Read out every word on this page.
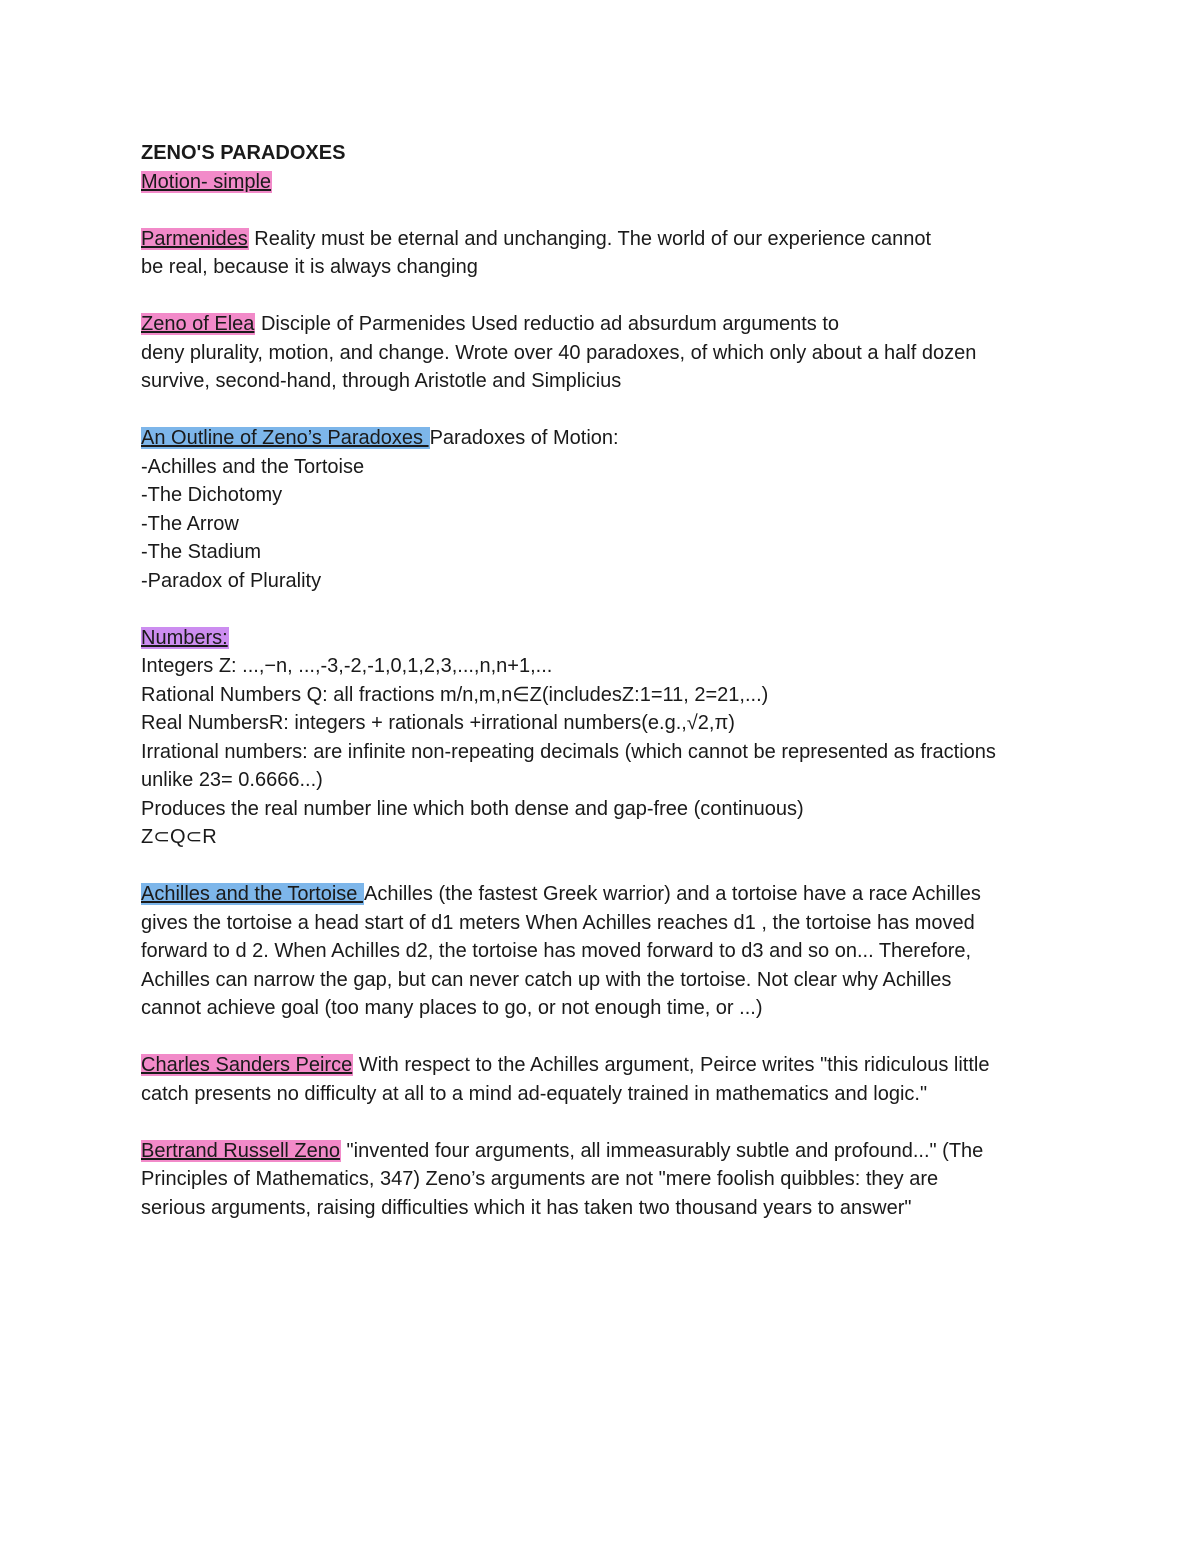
ZENO'S PARADOXES

Motion- simple

Parmenides Reality must be eternal and unchanging. The world of our experience cannot
be real, because it is always changing

Zeno of Elea Disciple of Parmenides Used reductio ad absurdum arguments to
deny plurality, motion, and change. Wrote over 40 paradoxes, of which only about a half dozen
survive, second-hand, through Aristotle and Simplicius

An Outline of Zeno’s Paradoxes Paradoxes of Motion:
-Achilles and the Tortoise
-The Dichotomy
-The Arrow
-The Stadium
-Paradox of Plurality

Numbers:
Integers Z: ...,−n, ...,-3,-2,-1,0,1,2,3,...,n,n+1,...
Rational Numbers Q: all fractions m/n,m,n∈Z(includesZ:1=11, 2=21,...)
Real NumbersR: integers + rationals +irrational numbers(e.g.,√2,π)
Irrational numbers: are infinite non-repeating decimals (which cannot be represented as fractions
unlike 23= 0.6666...)
Produces the real number line which both dense and gap-free (continuous)
Z⊂Q⊂R

Achilles and the Tortoise Achilles (the fastest Greek warrior) and a tortoise have a race Achilles
gives the tortoise a head start of d1 meters When Achilles reaches d1 , the tortoise has moved
forward to d 2. When Achilles d2, the tortoise has moved forward to d3 and so on... Therefore,
Achilles can narrow the gap, but can never catch up with the tortoise. Not clear why Achilles
cannot achieve goal (too many places to go, or not enough time, or ...)

Charles Sanders Peirce With respect to the Achilles argument, Peirce writes "this ridiculous little
catch presents no difficulty at all to a mind ad-equately trained in mathematics and logic."

Bertrand Russell Zeno "invented four arguments, all immeasurably subtle and profound..." (The
Principles of Mathematics, 347) Zeno’s arguments are not "mere foolish quibbles: they are
serious arguments, raising difficulties which it has taken two thousand years to answer"
